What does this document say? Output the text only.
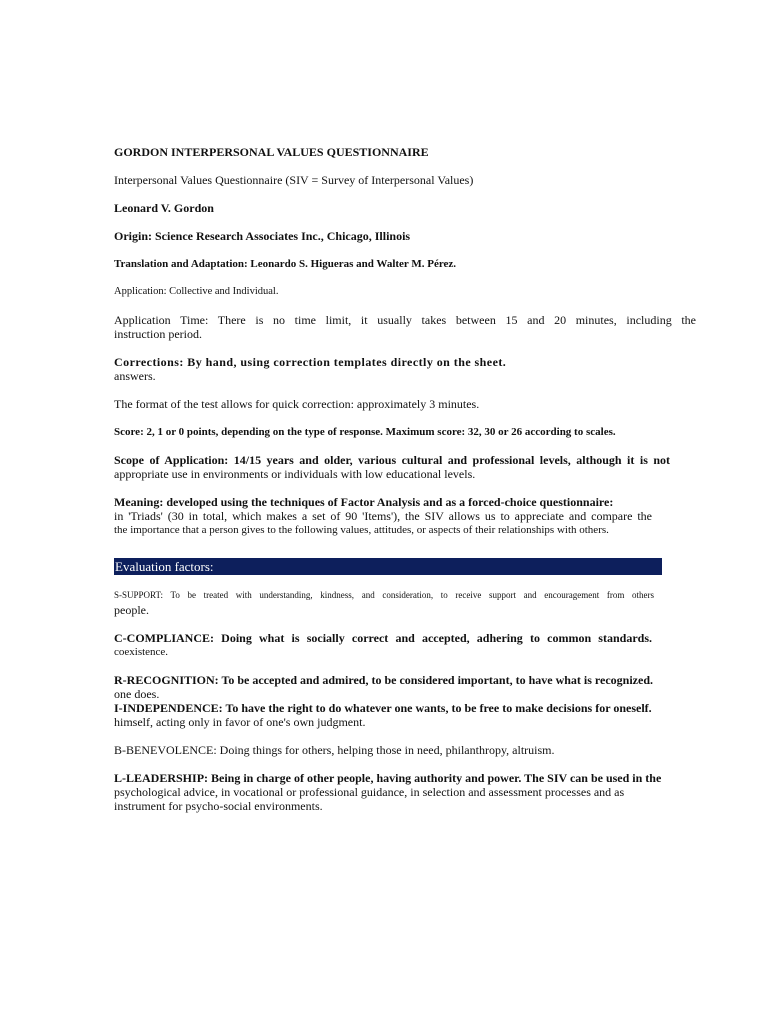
GORDON INTERPERSONAL VALUES QUESTIONNAIRE
Interpersonal Values Questionnaire (SIV = Survey of Interpersonal Values)
Leonard V. Gordon
Origin: Science Research Associates Inc., Chicago, Illinois
Translation and Adaptation: Leonardo S. Higueras and Walter M. Pérez.
Application: Collective and Individual.
Application Time: There is no time limit, it usually takes between 15 and 20 minutes, including the
instruction period.
Corrections: By hand, using correction templates directly on the sheet.
answers.
The format of the test allows for quick correction: approximately 3 minutes.
Score: 2, 1 or 0 points, depending on the type of response. Maximum score: 32, 30 or 26 according to scales.
Scope of Application: 14/15 years and older, various cultural and professional levels, although it is not
appropriate use in environments or individuals with low educational levels.
Meaning: developed using the techniques of Factor Analysis and as a forced-choice questionnaire:
in 'Triads' (30 in total, which makes a set of 90 'Items'), the SIV allows us to appreciate and compare the
the importance that a person gives to the following values, attitudes, or aspects of their relationships with others.
Evaluation factors:
S-SUPPORT: To be treated with understanding, kindness, and consideration, to receive support and encouragement from others
people.
C-COMPLIANCE: Doing what is socially correct and accepted, adhering to common standards.
coexistence.
R-RECOGNITION: To be accepted and admired, to be considered important, to have what is recognized.
one does.
I-INDEPENDENCE: To have the right to do whatever one wants, to be free to make decisions for oneself.
himself, acting only in favor of one's own judgment.
B-BENEVOLENCE: Doing things for others, helping those in need, philanthropy, altruism.
L-LEADERSHIP: Being in charge of other people, having authority and power. The SIV can be used in the
psychological advice, in vocational or professional guidance, in selection and assessment processes and as
instrument for psycho-social environments.
